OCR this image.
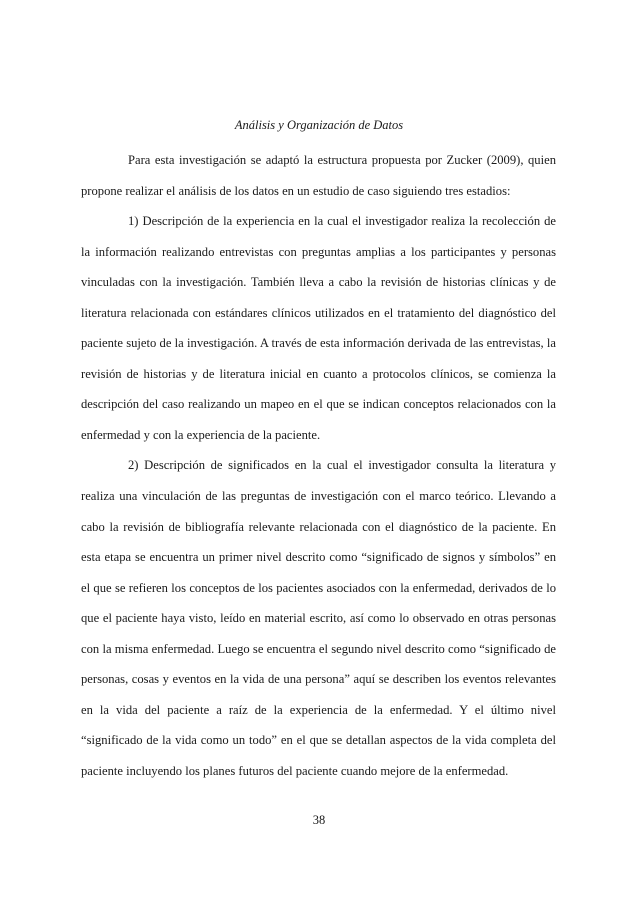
Análisis y Organización de Datos

Para esta investigación se adaptó la estructura propuesta por Zucker (2009), quien propone realizar el análisis de los datos en un estudio de caso siguiendo tres estadios:

1) Descripción de la experiencia en la cual el investigador realiza la recolección de la información realizando entrevistas con preguntas amplias a los participantes y personas vinculadas con la investigación. También lleva a cabo la revisión de historias clínicas y de literatura relacionada con estándares clínicos utilizados en el tratamiento del diagnóstico del paciente sujeto de la investigación. A través de esta información derivada de las entrevistas, la revisión de historias y de literatura inicial en cuanto a protocolos clínicos, se comienza la descripción del caso realizando un mapeo en el que se indican conceptos relacionados con la enfermedad y con la experiencia de la paciente.

2) Descripción de significados en la cual el investigador consulta la literatura y realiza una vinculación de las preguntas de investigación con el marco teórico. Llevando a cabo la revisión de bibliografía relevante relacionada con el diagnóstico de la paciente. En esta etapa se encuentra un primer nivel descrito como “significado de signos y símbolos” en el que se refieren los conceptos de los pacientes asociados con la enfermedad, derivados de lo que el paciente haya visto, leído en material escrito, así como lo observado en otras personas con la misma enfermedad. Luego se encuentra el segundo nivel descrito como “significado de personas, cosas y eventos en la vida de una persona” aquí se describen los eventos relevantes en la vida del paciente a raíz de la experiencia de la enfermedad. Y el último nivel “significado de la vida como un todo” en el que se detallan aspectos de la vida completa del paciente incluyendo los planes futuros del paciente cuando mejore de la enfermedad.

38
